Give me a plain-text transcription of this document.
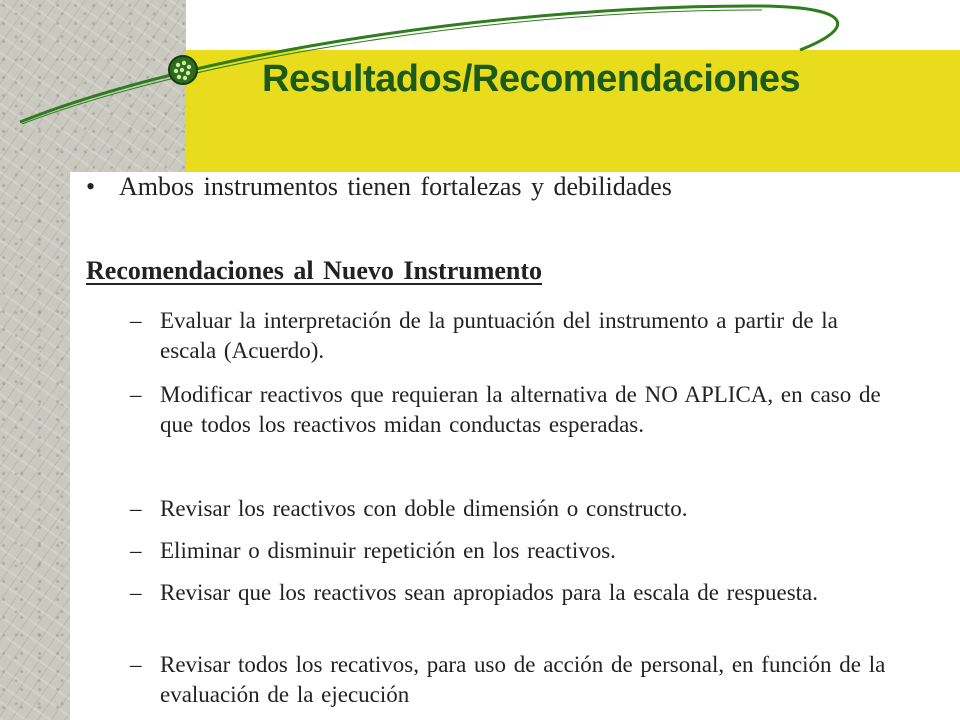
Resultados/Recomendaciones
• Ambos instrumentos tienen fortalezas y debilidades
Recomendaciones al Nuevo Instrumento
– Evaluar la interpretación de la puntuación del instrumento a partir de la escala (Acuerdo).
– Modificar reactivos que requieran la alternativa de NO APLICA, en caso de que todos los reactivos midan conductas esperadas.
– Revisar los reactivos con doble dimensión o constructo.
– Eliminar o disminuir repetición en los reactivos.
– Revisar que los reactivos sean apropiados para la escala de respuesta.
– Revisar todos los recativos, para uso de acción de personal, en función de la evaluación de la ejecución
